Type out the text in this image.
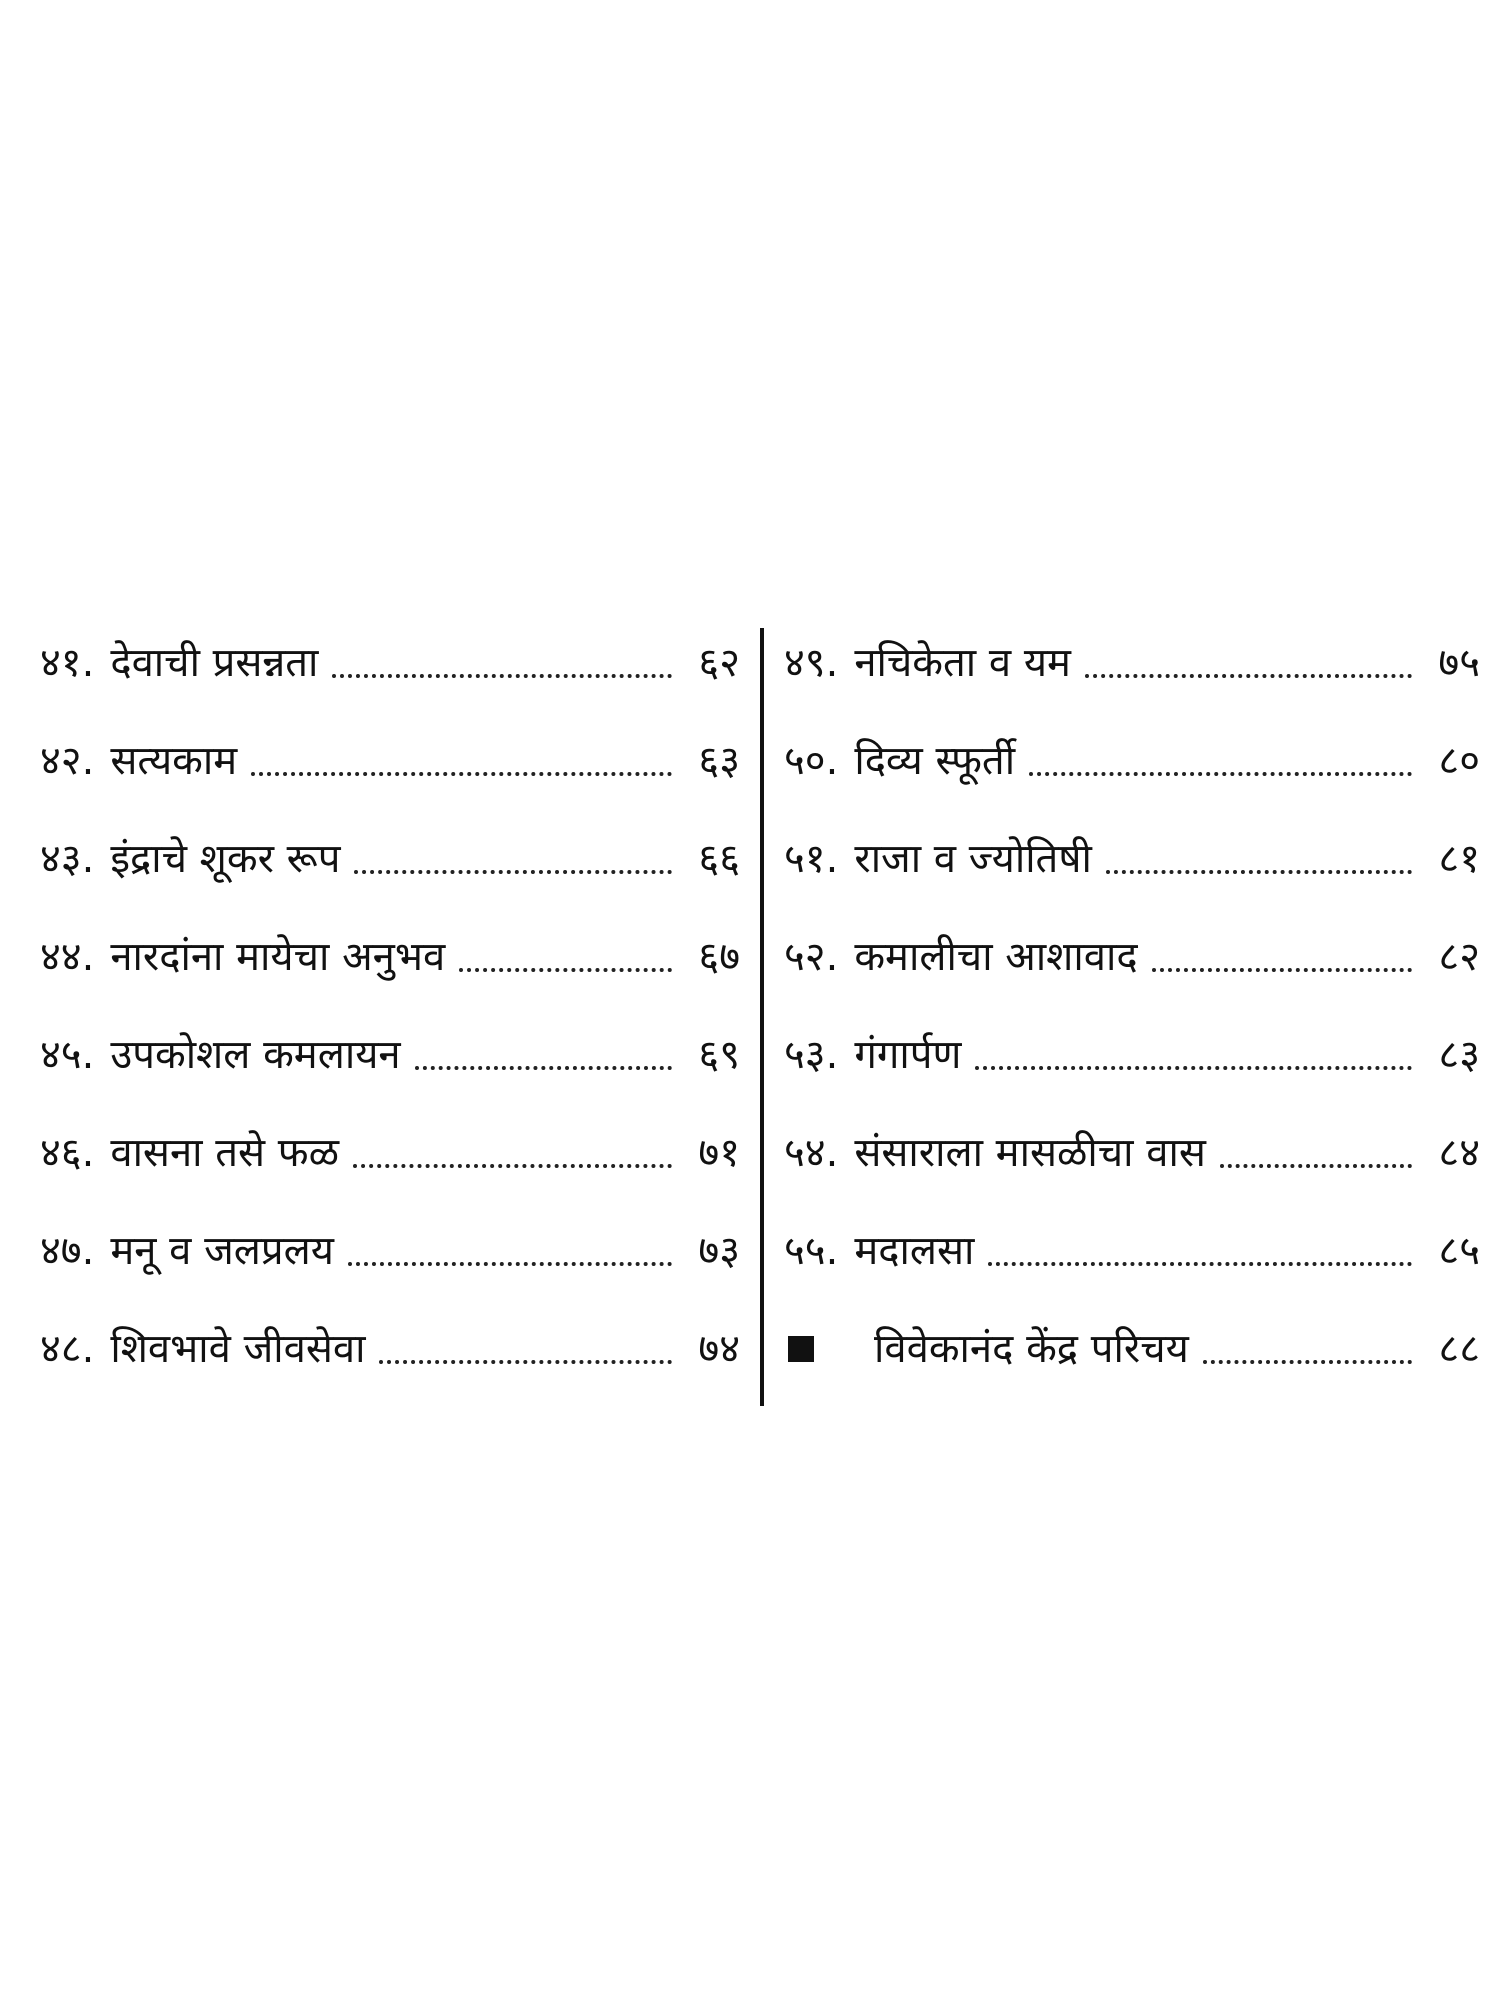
४१. देवाची प्रसन्नता	६२
४२. सत्यकाम	६३
४३. इंद्राचे शूकर रूप	६६
४४. नारदांना मायेचा अनुभव	६७
४५. उपकोशल कमलायन	६९
४६. वासना तसे फळ	७१
४७. मनू व जलप्रलय	७३
४८. शिवभावे जीवसेवा	७४
४९. नचिकेता व यम	७५
५०. दिव्य स्फूर्ती	८०
५१. राजा व ज्योतिषी	८१
५२. कमालीचा आशावाद	८२
५३. गंगार्पण	८३
५४. संसाराला मासळीचा वास	८४
५५. मदालसा	८५
विवेकानंद केंद्र परिचय	८८
